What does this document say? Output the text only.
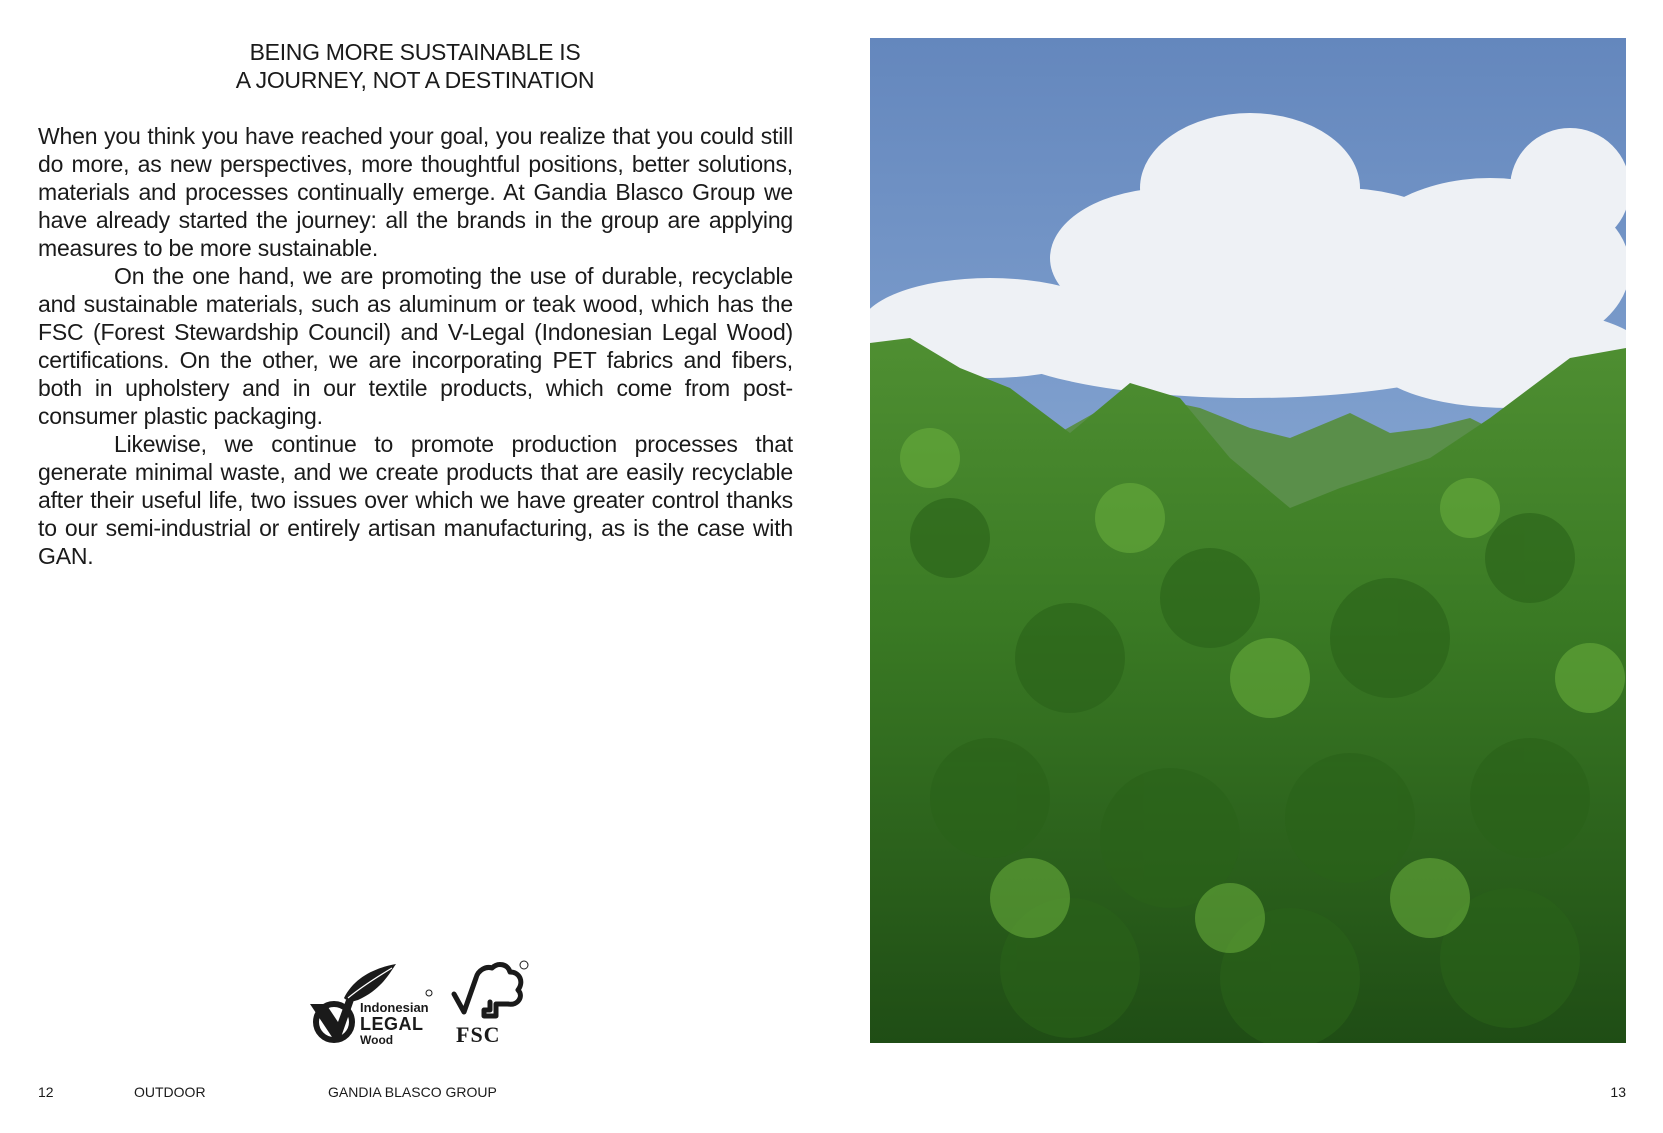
BEING MORE SUSTAINABLE IS
A JOURNEY, NOT A DESTINATION

When you think you have reached your goal, you realize that you could still do more, as new perspectives, more thoughtful positions, better solutions, materials and processes continually emerge. At Gandia Blasco Group we have already started the journey: all the brands in the group are applying measures to be more sustainable.

On the one hand, we are promoting the use of durable, recyclable and sustainable materials, such as aluminum or teak wood, which has the FSC (Forest Stewardship Council) and V-Legal (Indonesian Legal Wood) certifications. On the other, we are incorporating PET fabrics and fibers, both in upholstery and in our textile products, which come from post-consumer plastic packaging.

Likewise, we continue to promote production processes that generate minimal waste, and we create products that are easily recyclable after their useful life, two issues over which we have greater control thanks to our semi-industrial or entirely artisan manufacturing, as is the case with GAN.

Indonesian
LEGAL
Wood	FSC
12	OUTDOOR	GANDIA BLASCO GROUP	13
